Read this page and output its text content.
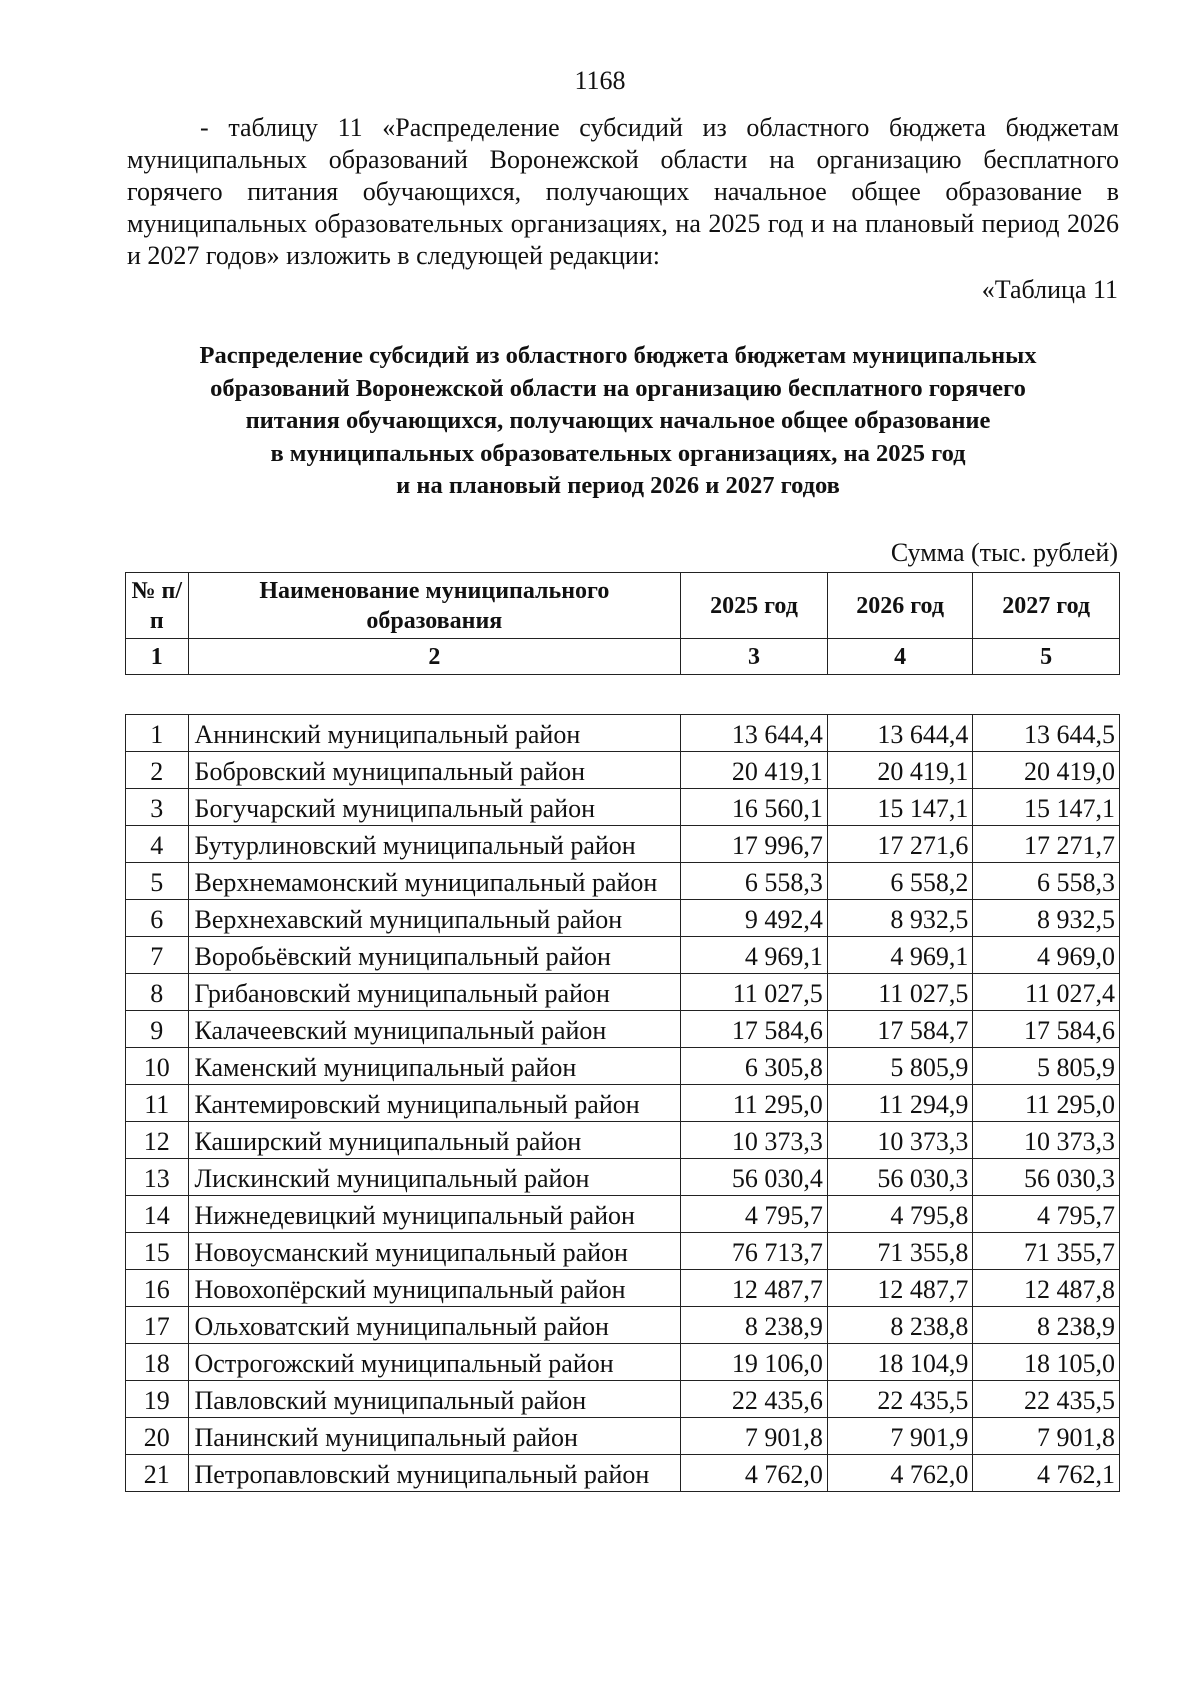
1168

- таблицу 11 «Распределение субсидий из областного бюджета бюджетам муниципальных образований Воронежской области на организацию бесплатного горячего питания обучающихся, получающих начальное общее образование в муниципальных образовательных организациях, на 2025 год и на плановый период 2026 и 2027 годов» изложить в следующей редакции:

«Таблица 11
Распределение субсидий из областного бюджета бюджетам муниципальных
образований Воронежской области на организацию бесплатного горячего
питания обучающихся, получающих начальное общее образование
в муниципальных образовательных организациях, на 2025 год
и на плановый период 2026 и 2027 годов
Сумма (тыс. рублей)
№ п/п	Наименование муниципального образования	2025 год	2026 год	2027 год
1	2	3	4	5
1	Аннинский муниципальный район	13 644,4	13 644,4	13 644,5
2	Бобровский муниципальный район	20 419,1	20 419,1	20 419,0
3	Богучарский муниципальный район	16 560,1	15 147,1	15 147,1
4	Бутурлиновский муниципальный район	17 996,7	17 271,6	17 271,7
5	Верхнемамонский муниципальный район	6 558,3	6 558,2	6 558,3
6	Верхнехавский муниципальный район	9 492,4	8 932,5	8 932,5
7	Воробьёвский муниципальный район	4 969,1	4 969,1	4 969,0
8	Грибановский муниципальный район	11 027,5	11 027,5	11 027,4
9	Калачеевский муниципальный район	17 584,6	17 584,7	17 584,6
10	Каменский муниципальный район	6 305,8	5 805,9	5 805,9
11	Кантемировский муниципальный район	11 295,0	11 294,9	11 295,0
12	Каширский муниципальный район	10 373,3	10 373,3	10 373,3
13	Лискинский муниципальный район	56 030,4	56 030,3	56 030,3
14	Нижнедевицкий муниципальный район	4 795,7	4 795,8	4 795,7
15	Новоусманский муниципальный район	76 713,7	71 355,8	71 355,7
16	Новохопёрский муниципальный район	12 487,7	12 487,7	12 487,8
17	Ольховатский муниципальный район	8 238,9	8 238,8	8 238,9
18	Острогожский муниципальный район	19 106,0	18 104,9	18 105,0
19	Павловский муниципальный район	22 435,6	22 435,5	22 435,5
20	Панинский муниципальный район	7 901,8	7 901,9	7 901,8
21	Петропавловский муниципальный район	4 762,0	4 762,0	4 762,1
